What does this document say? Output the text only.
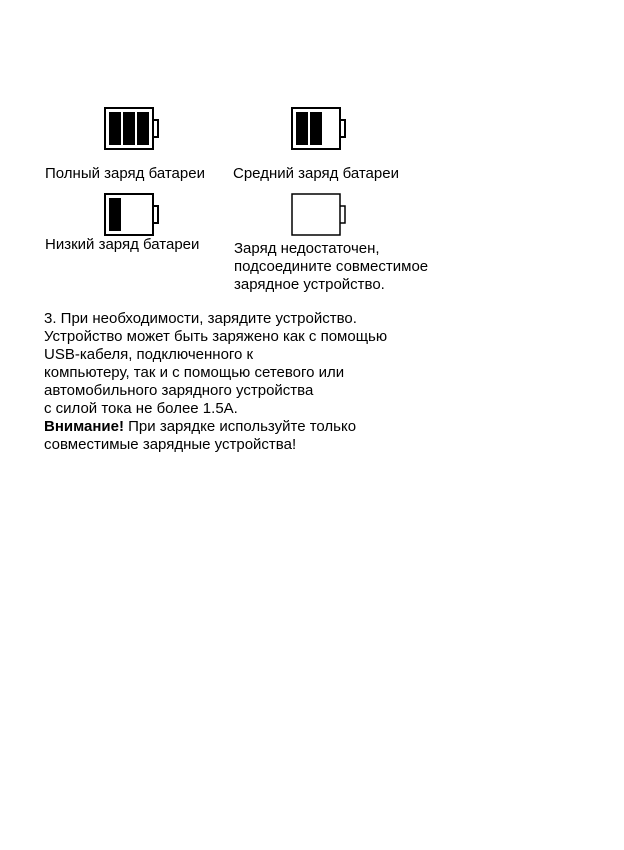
Полный заряд батареи Средний заряд батареи

Низкий заряд батареи Заряд недостаточен,
подсоедините совместимое
зарядное устройство.
3. При необходимости, зарядите устройство.
Устройство может быть заряжено как с помощью
USB-кабеля, подключенного к
компьютеру, так и с помощью сетевого или
автомобильного зарядного устройства
с силой тока не более 1.5А.
Внимание! При зарядке используйте только
совместимые зарядные устройства!
